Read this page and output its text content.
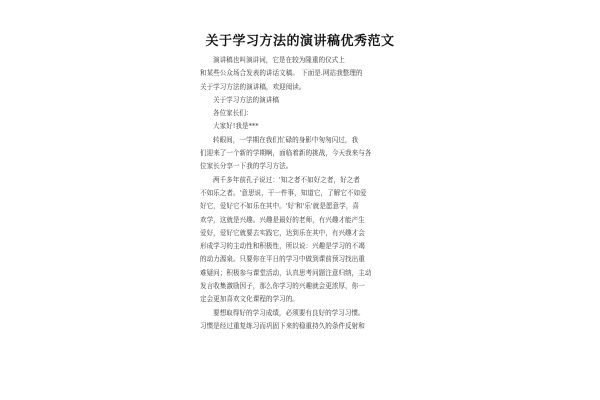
关于学习方法的演讲稿优秀范文
演讲稿也叫演讲词，它是在较为隆重的仪式上
和某些公众场合发表的讲话文稿。 下面是.网站我整理的
关于学习方法的演讲稿，欢迎阅读。
关于学习方法的演讲稿
各位家长们：
大家好!我是***
转眼间，一学期在我们忙碌的身影中匆匆闪过，我
们迎来了一个新的学期啊，面临着新的挑战，今天我来与各
位家长分享一下我的学习方法。
两千多年前孔子说过：'知之者不如好之者，好之者
不如乐之者。'意思说，干一件事，知道它，了解它不如爱
好它，爱好它不如乐在其中。'好'和'乐'就是愿意学，喜
欢学，这就是兴趣。兴趣是最好的老师，有兴趣才能产生
爱好，爱好它就要去实践它，达到乐在其中，有兴趣才会
形成学习的主动性和积极性，所以说：兴趣是学习的不竭
的动力源泉。只要你在平日的学习中做到课前预习找出重
难疑问；积极参与课堂活动，认真思考问题注意归纳，主动
发言收集激励因子，那么你学习的兴趣就会更浓厚，你一
定会更加喜欢文化课程的学习的。
要想取得好的学习成绩，必须要有良好的学习习惯。
习惯是经过重复练习而巩固下来的稳重持久的条件反射和
